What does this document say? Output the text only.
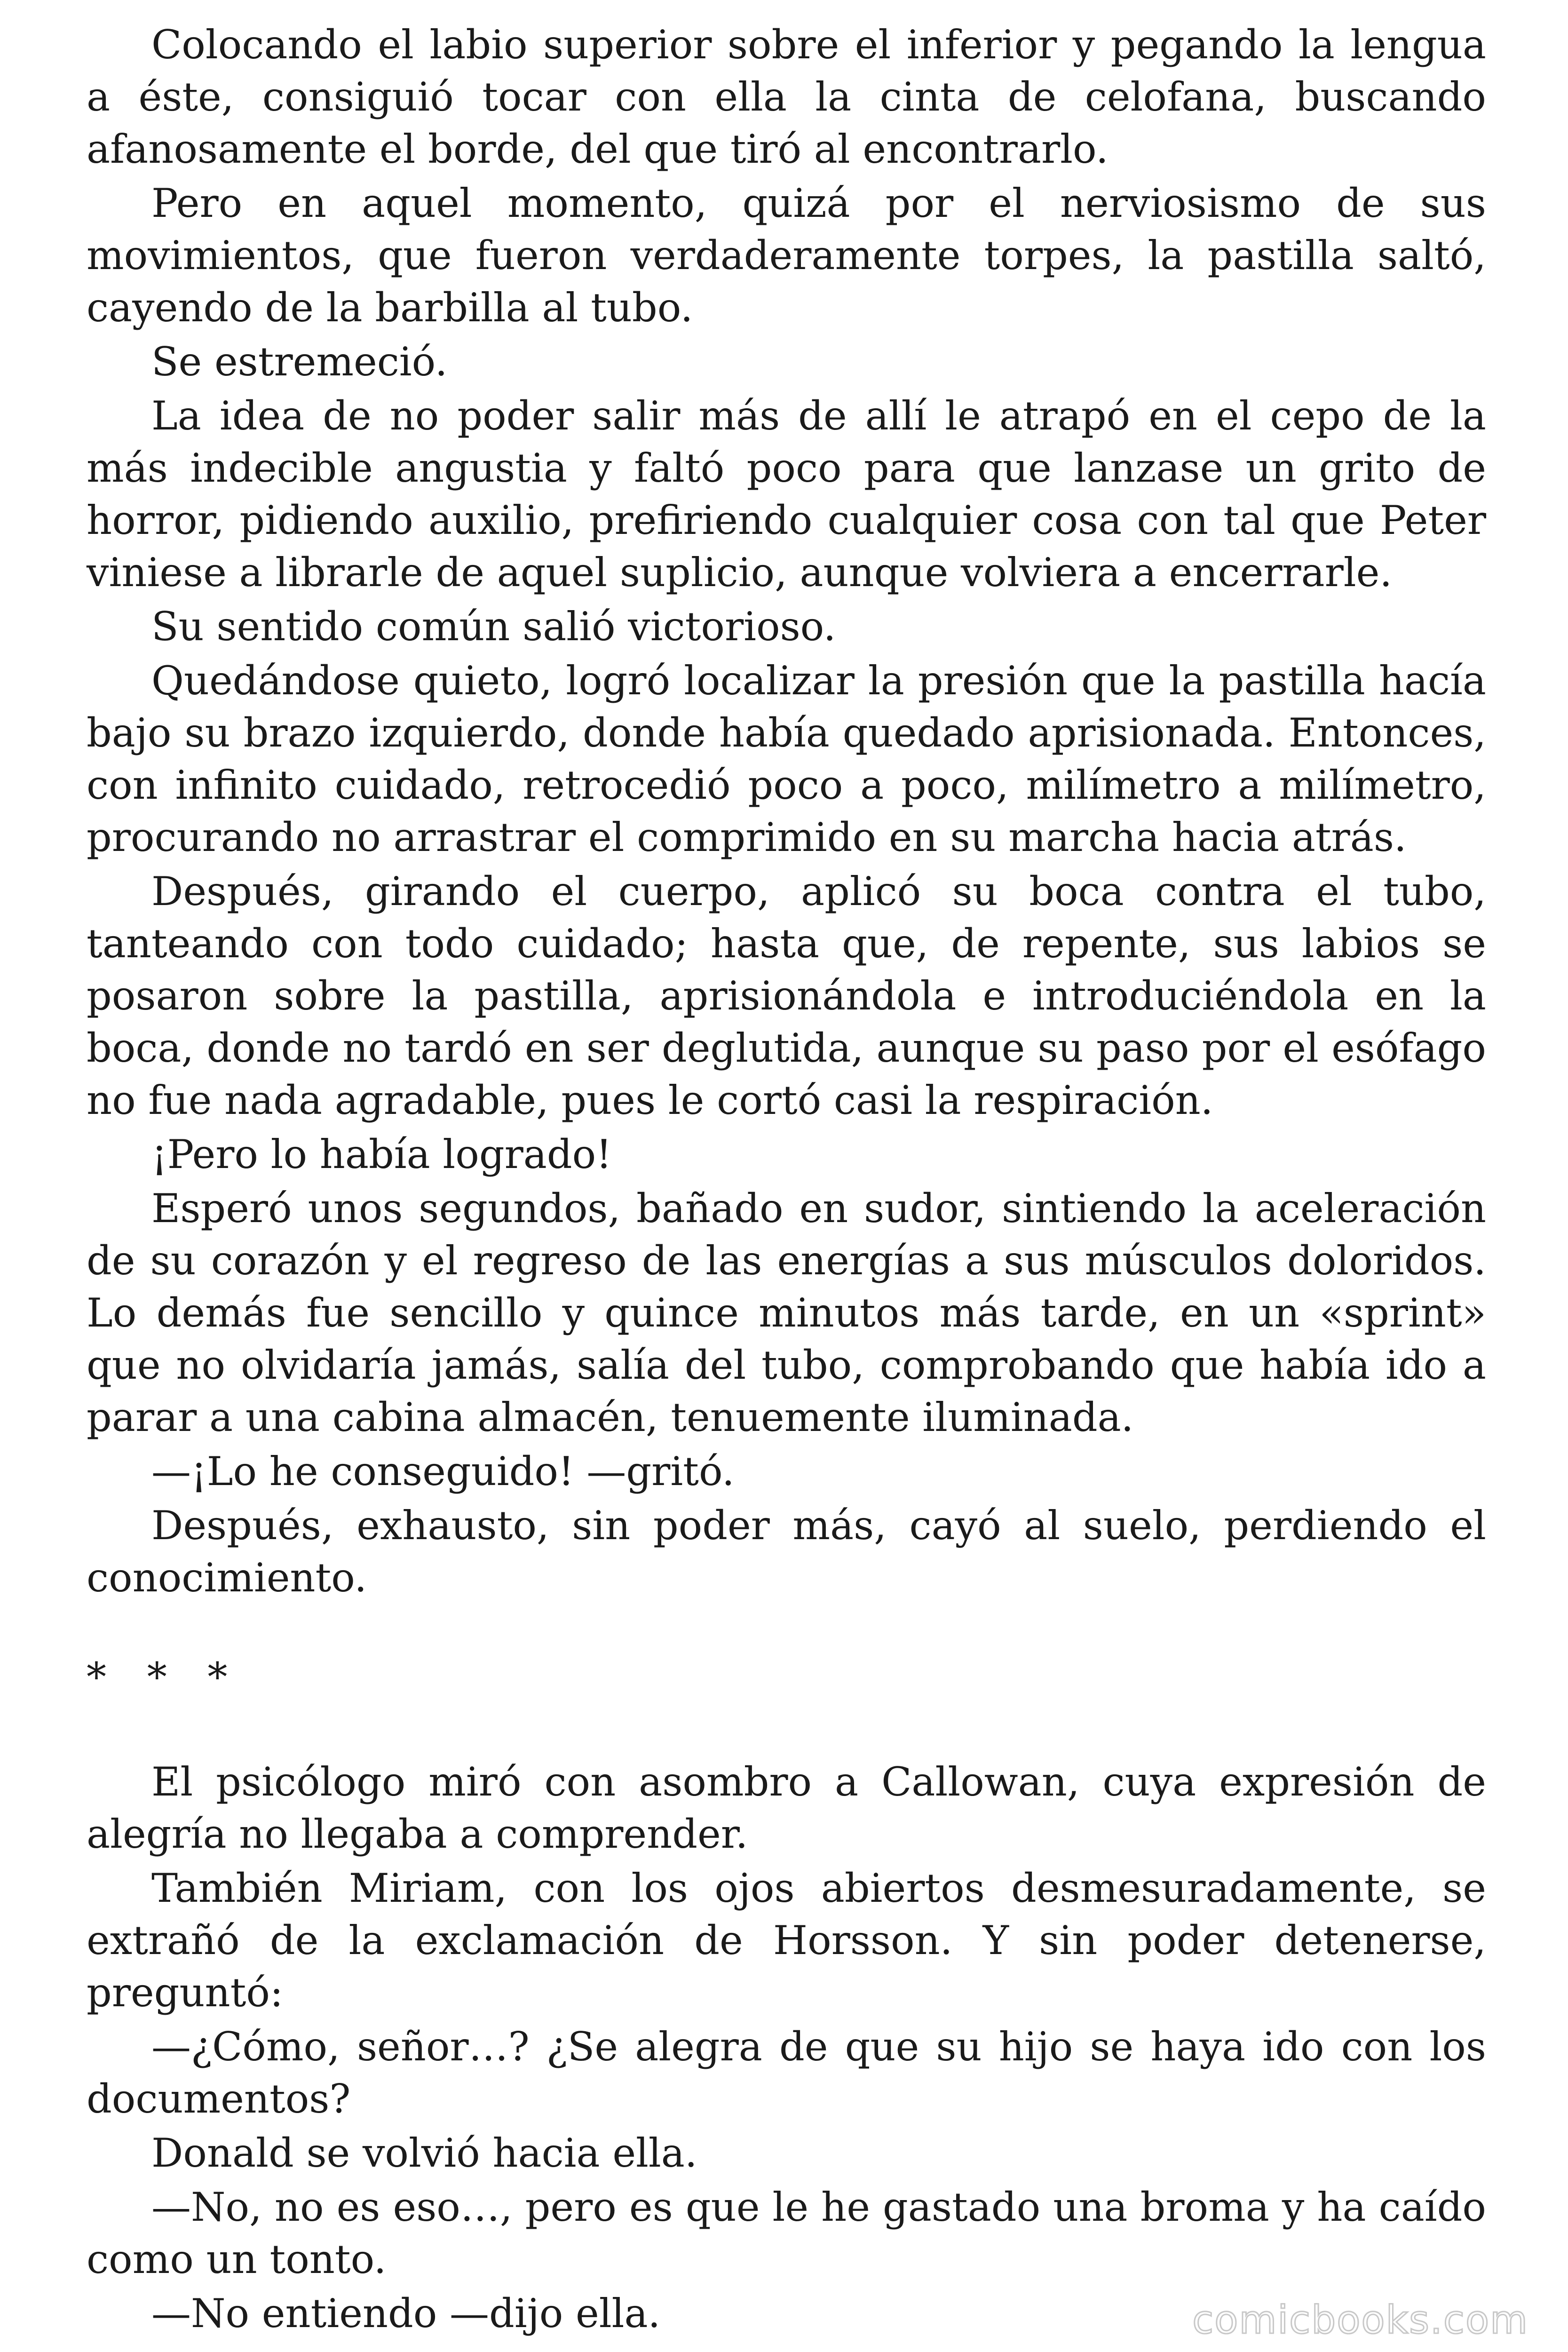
Colocando el labio superior sobre el inferior y pegando la lengua a éste, consiguió tocar con ella la cinta de celofana, buscando afanosamente el borde, del que tiró al encontrarlo.

Pero en aquel momento, quizá por el nerviosismo de sus movimientos, que fueron verdaderamente torpes, la pastilla saltó, cayendo de la barbilla al tubo.

Se estremeció.

La idea de no poder salir más de allí le atrapó en el cepo de la más indecible angustia y faltó poco para que lanzase un grito de horror, pidiendo auxilio, prefiriendo cualquier cosa con tal que Peter viniese a librarle de aquel suplicio, aunque volviera a encerrarle.

Su sentido común salió victorioso.

Quedándose quieto, logró localizar la presión que la pastilla hacía bajo su brazo izquierdo, donde había quedado aprisionada. Entonces, con infinito cuidado, retrocedió poco a poco, milímetro a milímetro, procurando no arrastrar el comprimido en su marcha hacia atrás.

Después, girando el cuerpo, aplicó su boca contra el tubo, tanteando con todo cuidado; hasta que, de repente, sus labios se posaron sobre la pastilla, aprisionándola e introduciéndola en la boca, donde no tardó en ser deglutida, aunque su paso por el esófago no fue nada agradable, pues le cortó casi la respiración.

¡Pero lo había logrado!

Esperó unos segundos, bañado en sudor, sintiendo la aceleración de su corazón y el regreso de las energías a sus músculos doloridos. Lo demás fue sencillo y quince minutos más tarde, en un «sprint» que no olvidaría jamás, salía del tubo, comprobando que había ido a parar a una cabina almacén, tenuemente iluminada.

—¡Lo he conseguido! —gritó.

Después, exhausto, sin poder más, cayó al suelo, perdiendo el conocimiento.

* * *

El psicólogo miró con asombro a Callowan, cuya expresión de alegría no llegaba a comprender.

También Miriam, con los ojos abiertos desmesuradamente, se extrañó de la exclamación de Horsson. Y sin poder detenerse, preguntó:

—¿Cómo, señor…? ¿Se alegra de que su hijo se haya ido con los documentos?

Donald se volvió hacia ella.

—No, no es eso…, pero es que le he gastado una broma y ha caído como un tonto.

—No entiendo —dijo ella.	comicbooks.com
